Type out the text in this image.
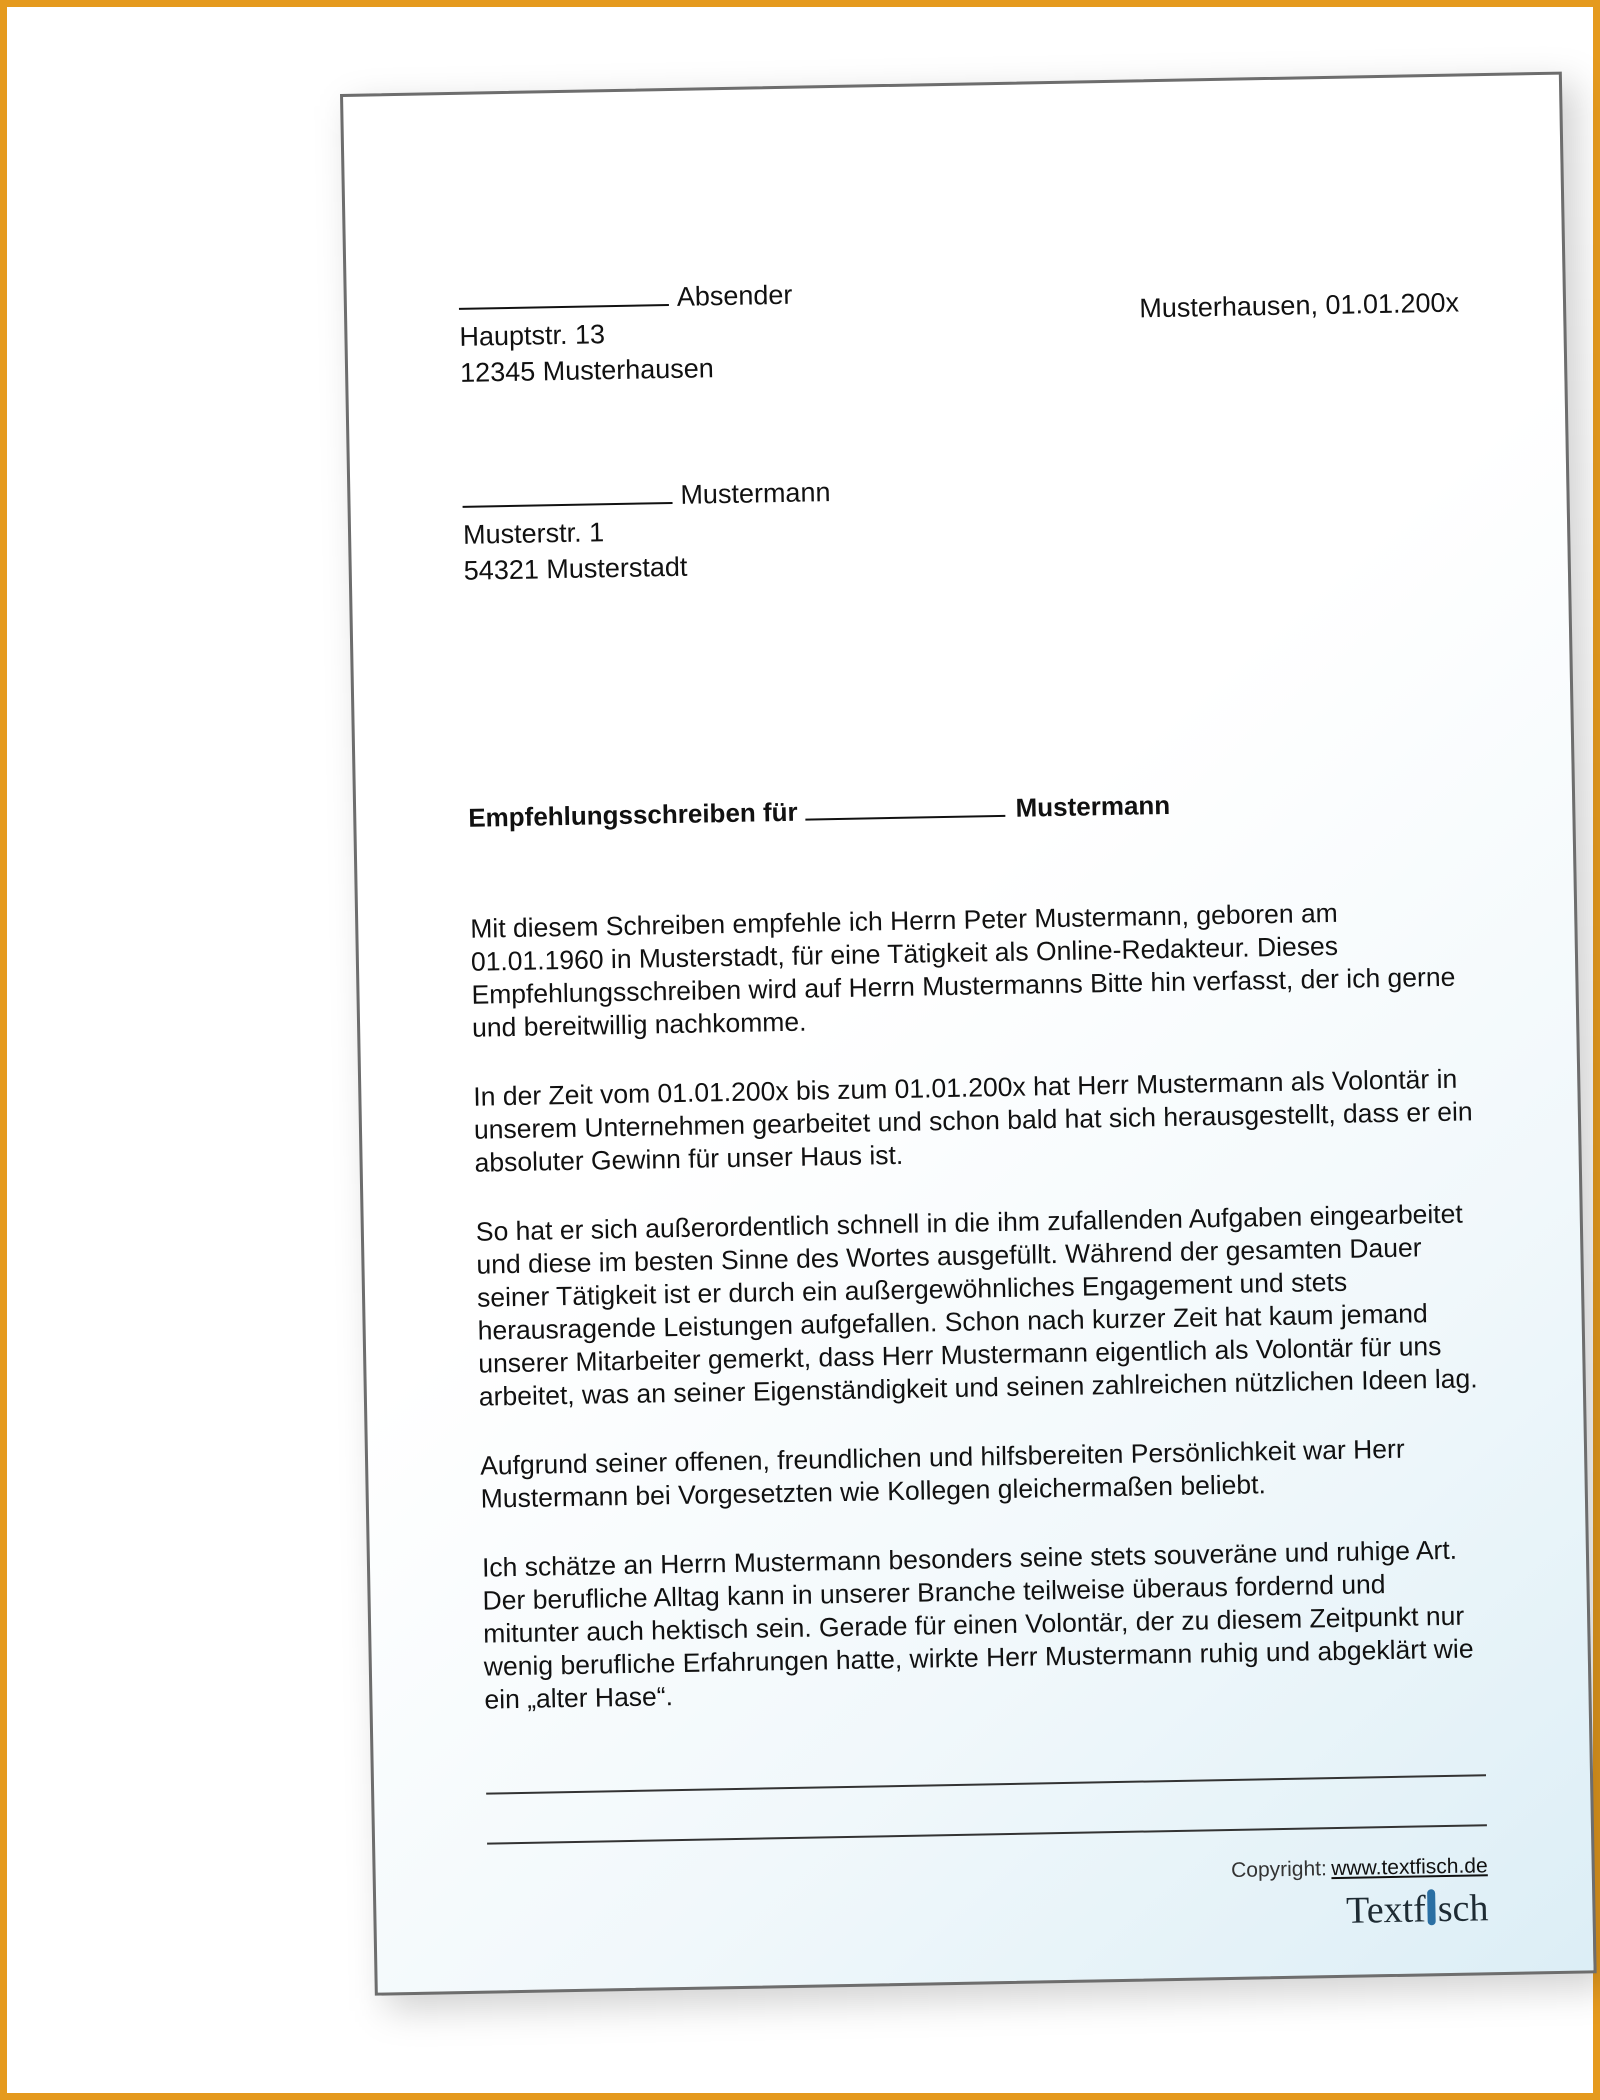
Absender
Hauptstr. 13
12345 Musterhausen
Musterhausen, 01.01.200x
Mustermann
Musterstr. 1
54321 Musterstadt
Empfehlungsschreiben für	Mustermann

Mit diesem Schreiben empfehle ich Herrn Peter Mustermann, geboren am 01.01.1960 in Musterstadt, für eine Tätigkeit als Online-Redakteur. Dieses Empfehlungsschreiben wird auf Herrn Mustermanns Bitte hin verfasst, der ich gerne und bereitwillig nachkomme.

In der Zeit vom 01.01.200x bis zum 01.01.200x hat Herr Mustermann als Volontär in unserem Unternehmen gearbeitet und schon bald hat sich herausgestellt, dass er ein absoluter Gewinn für unser Haus ist.

So hat er sich außerordentlich schnell in die ihm zufallenden Aufgaben eingearbeitet und diese im besten Sinne des Wortes ausgefüllt. Während der gesamten Dauer seiner Tätigkeit ist er durch ein außergewöhnliches Engagement und stets herausragende Leistungen aufgefallen. Schon nach kurzer Zeit hat kaum jemand unserer Mitarbeiter gemerkt, dass Herr Mustermann eigentlich als Volontär für uns arbeitet, was an seiner Eigenständigkeit und seinen zahlreichen nützlichen Ideen lag.

Aufgrund seiner offenen, freundlichen und hilfsbereiten Persönlichkeit war Herr Mustermann bei Vorgesetzten wie Kollegen gleichermaßen beliebt.

Ich schätze an Herrn Mustermann besonders seine stets souveräne und ruhige Art. Der berufliche Alltag kann in unserer Branche teilweise überaus fordernd und mitunter auch hektisch sein. Gerade für einen Volontär, der zu diesem Zeitpunkt nur wenig berufliche Erfahrungen hatte, wirkte Herr Mustermann ruhig und abgeklärt wie ein „alter Hase“.

Copyright: www.textfisch.de
Textf sch
